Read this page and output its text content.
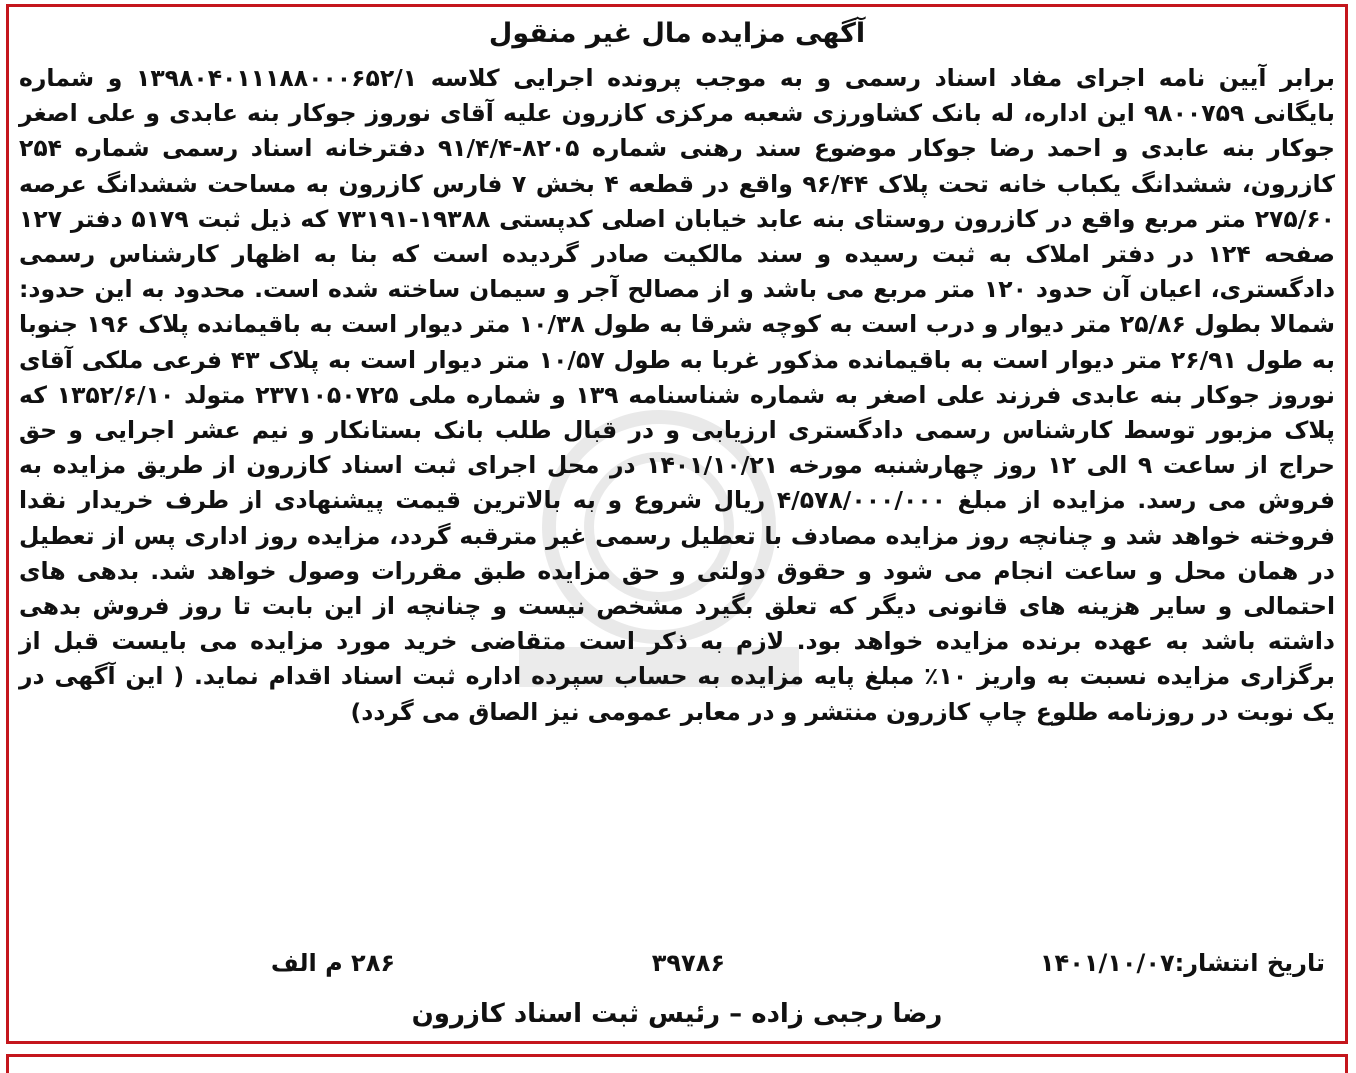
آگهی مزایده مال غیر منقول
برابر آیین نامه اجرای مفاد اسناد رسمی و به موجب پرونده اجرایی کلاسه ۱۳۹۸۰۴۰۱۱۱۸۸۰۰۰۶۵۲/۱ و شماره بایگانی ۹۸۰۰۷۵۹ این اداره، له بانک کشاورزی شعبه مرکزی کازرون علیه آقای نوروز جوکار بنه عابدی و علی اصغر جوکار بنه عابدی و احمد رضا جوکار موضوع سند رهنی شماره ۸۲۰۵-۹۱/۴/۴ دفترخانه اسناد رسمی شماره ۲۵۴ کازرون، ششدانگ یکباب خانه تحت پلاک ۹۶/۴۴ واقع در قطعه ۴ بخش ۷ فارس کازرون به مساحت ششدانگ عرصه ۲۷۵/۶۰ متر مربع واقع در کازرون روستای بنه عابد خیابان اصلی کدپستی ۱۹۳۸۸-۷۳۱۹۱ که ذیل ثبت ۵۱۷۹ دفتر ۱۲۷ صفحه ۱۲۴ در دفتر املاک به ثبت رسیده و سند مالکیت صادر گردیده است که بنا به اظهار کارشناس رسمی دادگستری، اعیان آن حدود ۱۲۰ متر مربع می باشد و از مصالح آجر و سیمان ساخته شده است. محدود به این حدود: شمالا بطول ۲۵/۸۶ متر دیوار و درب است به کوچه شرقا به طول ۱۰/۳۸ متر دیوار است به باقیمانده پلاک ۱۹۶ جنوبا به طول ۲۶/۹۱ متر دیوار است به باقیمانده مذکور غربا به طول ۱۰/۵۷ متر دیوار است به پلاک ۴۳ فرعی ملکی آقای نوروز جوکار بنه عابدی فرزند علی اصغر به شماره شناسنامه ۱۳۹ و شماره ملی ۲۳۷۱۰۵۰۷۲۵ متولد ۱۳۵۲/۶/۱۰ که پلاک مزبور توسط کارشناس رسمی دادگستری ارزیابی و در قبال طلب بانک بستانکار و نیم عشر اجرایی و حق حراج از ساعت ۹ الی ۱۲ روز چهارشنبه مورخه ۱۴۰۱/۱۰/۲۱ در محل اجرای ثبت اسناد کازرون از طریق مزایده به فروش می رسد. مزایده از مبلغ ۴/۵۷۸/۰۰۰/۰۰۰ ریال شروع و به بالاترین قیمت پیشنهادی از طرف خریدار نقدا فروخته خواهد شد و چنانچه روز مزایده مصادف با تعطیل رسمی غیر مترقبه گردد، مزایده روز اداری پس از تعطیل در همان محل و ساعت انجام می شود و حقوق دولتی و حق مزایده طبق مقررات وصول خواهد شد. بدهی های احتمالی و سایر هزینه های قانونی دیگر که تعلق بگیرد مشخص نیست و چنانچه از این بابت تا روز فروش بدهی داشته باشد به عهده برنده مزایده خواهد بود. لازم به ذکر است متقاضی خرید مورد مزایده می بایست قبل از برگزاری مزایده نسبت به واریز ۱۰٪ مبلغ پایه مزایده به حساب سپرده اداره ثبت اسناد اقدام نماید. ( این آگهی در یک نوبت در روزنامه طلوع چاپ کازرون منتشر و در معابر عمومی نیز الصاق می گردد)
تاریخ انتشار:۱۴۰۱/۱۰/۰۷
۳۹۷۸۶
۲۸۶ م الف
رضا رجبی زاده – رئیس ثبت اسناد کازرون
